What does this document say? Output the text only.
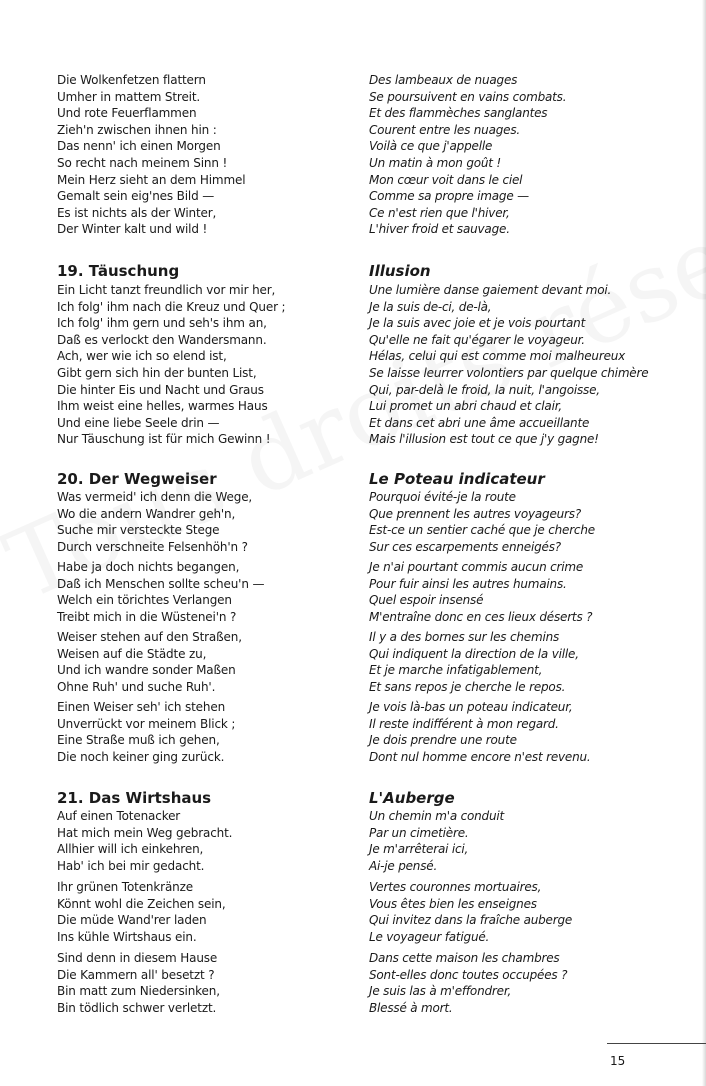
Die Wolkenfetzen flattern
Umher in mattem Streit.
Und rote Feuerflammen
Zieh'n zwischen ihnen hin :
Das nenn' ich einen Morgen
So recht nach meinem Sinn !
Mein Herz sieht an dem Himmel
Gemalt sein eig'nes Bild —
Es ist nichts als der Winter,
Der Winter kalt und wild !

19. Täuschung

Ein Licht tanzt freundlich vor mir her,
Ich folg' ihm nach die Kreuz und Quer ;
Ich folg' ihm gern und seh's ihm an,
Daß es verlockt den Wandersmann.
Ach, wer wie ich so elend ist,
Gibt gern sich hin der bunten List,
Die hinter Eis und Nacht und Graus
Ihm weist eine helles, warmes Haus
Und eine liebe Seele drin —
Nur Täuschung ist für mich Gewinn !

20. Der Wegweiser

Was vermeid' ich denn die Wege,
Wo die andern Wandrer geh'n,
Suche mir versteckte Stege
Durch verschneite Felsenhöh'n ?

Habe ja doch nichts begangen,
Daß ich Menschen sollte scheu'n —
Welch ein törichtes Verlangen
Treibt mich in die Wüstenei'n ?

Weiser stehen auf den Straßen,
Weisen auf die Städte zu,
Und ich wandre sonder Maßen
Ohne Ruh' und suche Ruh'.

Einen Weiser seh' ich stehen
Unverrückt vor meinem Blick ;
Eine Straße muß ich gehen,
Die noch keiner ging zurück.

21. Das Wirtshaus

Auf einen Totenacker
Hat mich mein Weg gebracht.
Allhier will ich einkehren,
Hab' ich bei mir gedacht.

Ihr grünen Totenkränze
Könnt wohl die Zeichen sein,
Die müde Wand'rer laden
Ins kühle Wirtshaus ein.

Sind denn in diesem Hause
Die Kammern all' besetzt ?
Bin matt zum Niedersinken,
Bin tödlich schwer verletzt.

Des lambeaux de nuages
Se poursuivent en vains combats.
Et des flammèches sanglantes
Courent entre les nuages.
Voilà ce que j'appelle
Un matin à mon goût !
Mon cœur voit dans le ciel
Comme sa propre image —
Ce n'est rien que l'hiver,
L'hiver froid et sauvage.

Illusion

Une lumière danse gaiement devant moi.
Je la suis de-ci, de-là,
Je la suis avec joie et je vois pourtant
Qu'elle ne fait qu'égarer le voyageur.
Hélas, celui qui est comme moi malheureux
Se laisse leurrer volontiers par quelque chimère
Qui, par-delà le froid, la nuit, l'angoisse,
Lui promet un abri chaud et clair,
Et dans cet abri une âme accueillante
Mais l'illusion est tout ce que j'y gagne!

Le Poteau indicateur

Pourquoi évité-je la route
Que prennent les autres voyageurs?
Est-ce un sentier caché que je cherche
Sur ces escarpements enneigés?

Je n'ai pourtant commis aucun crime
Pour fuir ainsi les autres humains.
Quel espoir insensé
M'entraîne donc en ces lieux déserts ?

Il y a des bornes sur les chemins
Qui indiquent la direction de la ville,
Et je marche infatigablement,
Et sans repos je cherche le repos.

Je vois là-bas un poteau indicateur,
Il reste indifférent à mon regard.
Je dois prendre une route
Dont nul homme encore n'est revenu.

L'Auberge

Un chemin m'a conduit
Par un cimetière.
Je m'arrêterai ici,
Ai-je pensé.

Vertes couronnes mortuaires,
Vous êtes bien les enseignes
Qui invitez dans la fraîche auberge
Le voyageur fatigué.

Dans cette maison les chambres
Sont-elles donc toutes occupées ?
Je suis las à m'effondrer,
Blessé à mort.

15
